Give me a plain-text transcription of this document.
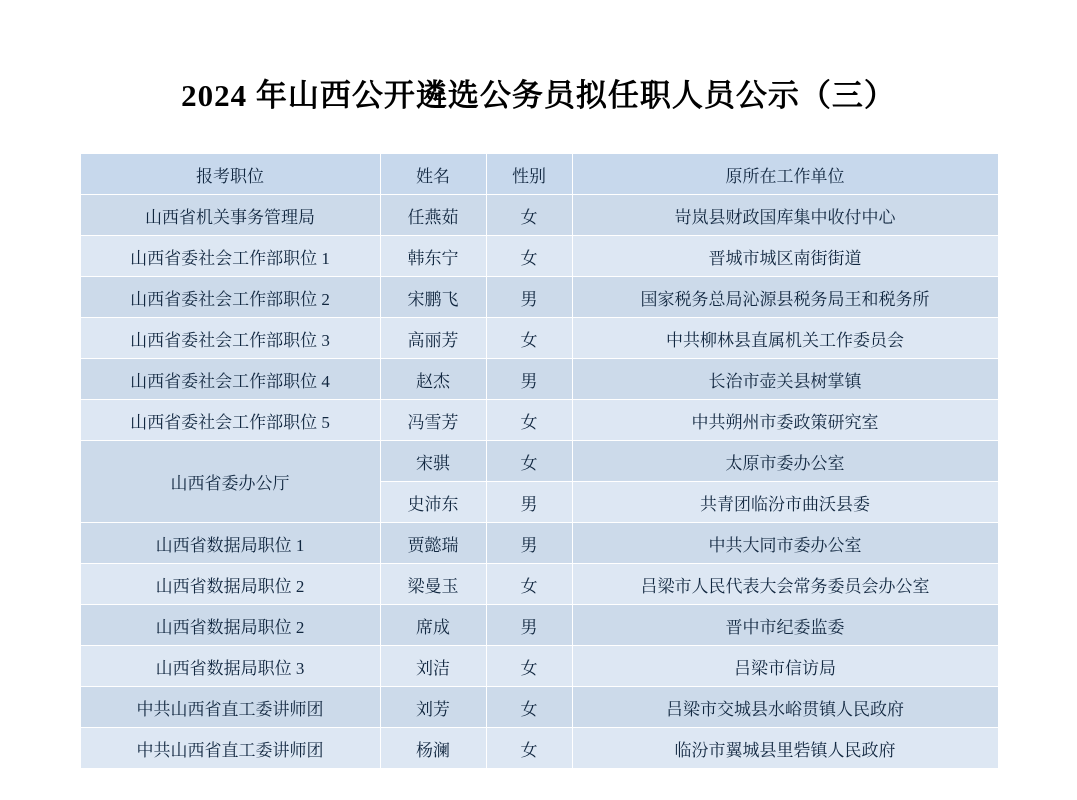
2024 年山西公开遴选公务员拟任职人员公示（三）
报考职位	姓名	性别	原所在工作单位
山西省机关事务管理局	任燕茹	女	岢岚县财政国库集中收付中心
山西省委社会工作部职位 1	韩东宁	女	晋城市城区南街街道
山西省委社会工作部职位 2	宋鹏飞	男	国家税务总局沁源县税务局王和税务所
山西省委社会工作部职位 3	高丽芳	女	中共柳林县直属机关工作委员会
山西省委社会工作部职位 4	赵杰	男	长治市壶关县树掌镇
山西省委社会工作部职位 5	冯雪芳	女	中共朔州市委政策研究室
山西省委办公厅	宋骐	女	太原市委办公室
	史沛东	男	共青团临汾市曲沃县委
山西省数据局职位 1	贾懿瑞	男	中共大同市委办公室
山西省数据局职位 2	梁曼玉	女	吕梁市人民代表大会常务委员会办公室
山西省数据局职位 2	席成	男	晋中市纪委监委
山西省数据局职位 3	刘洁	女	吕梁市信访局
中共山西省直工委讲师团	刘芳	女	吕梁市交城县水峪贯镇人民政府
中共山西省直工委讲师团	杨澜	女	临汾市翼城县里砦镇人民政府
